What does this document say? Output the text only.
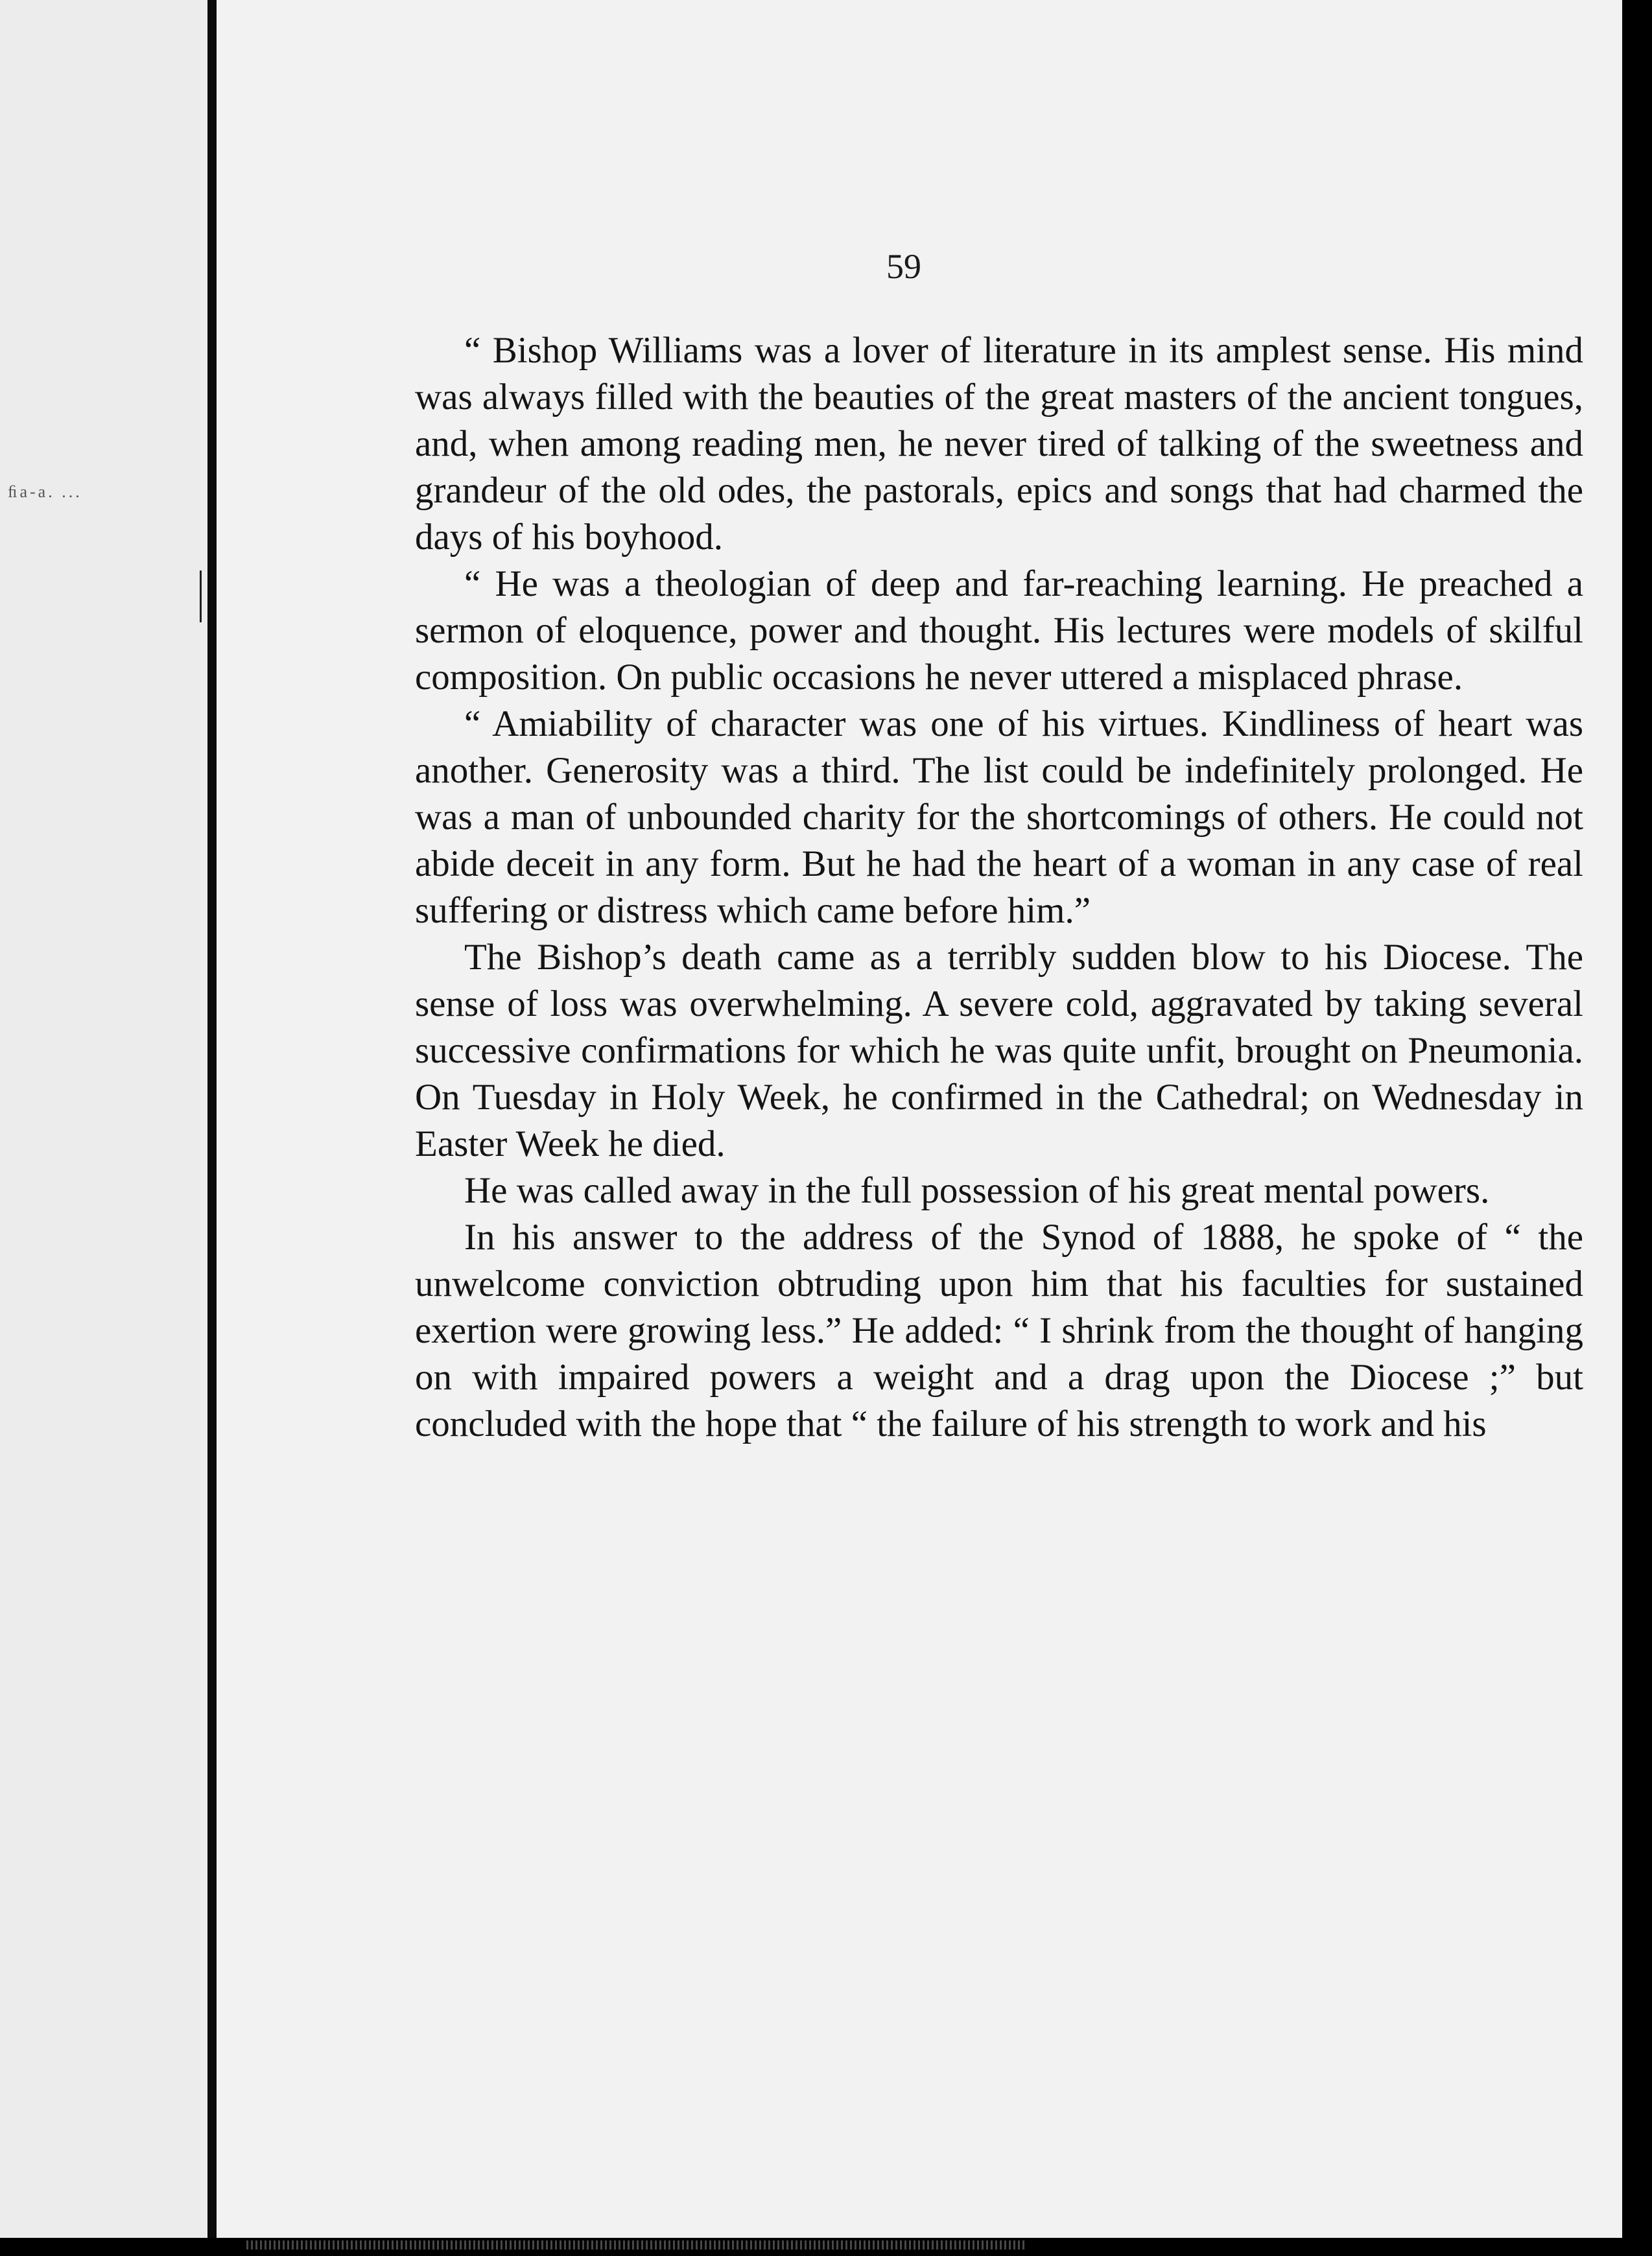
ﬁa-a. ...
59

“ Bishop Williams was a lover of literature in its amplest sense. His mind was always filled with the beauties of the great masters of the ancient tongues, and, when among reading men, he never tired of talking of the sweetness and grandeur of the old odes, the pastorals, epics and songs that had charmed the days of his boyhood.

“ He was a theologian of deep and far-reaching learning. He preached a sermon of eloquence, power and thought. His lectures were models of skilful composition. On public occasions he never uttered a misplaced phrase.

“ Amiability of character was one of his virtues. Kindliness of heart was another. Generosity was a third. The list could be indefinitely prolonged. He was a man of unbounded charity for the shortcomings of others. He could not abide deceit in any form. But he had the heart of a woman in any case of real suffering or distress which came before him.”

The Bishop’s death came as a terribly sudden blow to his Diocese. The sense of loss was overwhelming. A severe cold, aggravated by taking several successive confirmations for which he was quite unfit, brought on Pneumonia. On Tuesday in Holy Week, he confirmed in the Cathedral; on Wednesday in Easter Week he died.

He was called away in the full possession of his great mental powers.

In his answer to the address of the Synod of 1888, he spoke of “ the unwelcome conviction obtruding upon him that his faculties for sustained exertion were growing less.” He added: “ I shrink from the thought of hanging on with impaired powers a weight and a drag upon the Diocese ;” but concluded with the hope that “ the failure of his strength to work and his
